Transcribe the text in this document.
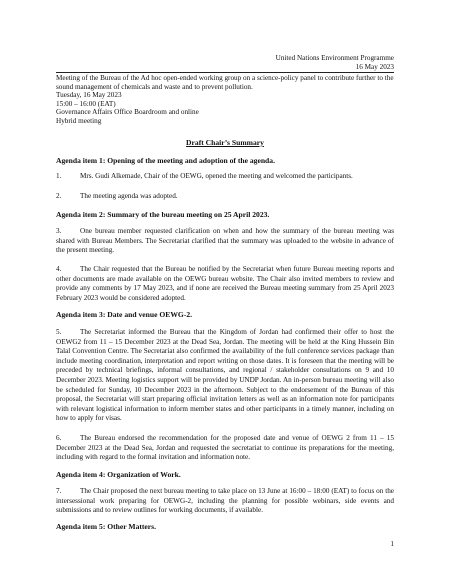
United Nations Environment Programme
16 May 2023
Meeting of the Bureau of the Ad hoc open-ended working group on a science-policy panel to contribute further to the sound management of chemicals and waste and to prevent pollution.
Tuesday, 16 May 2023
15:00 – 16:00 (EAT)
Governance Affairs Office Boardroom and online
Hybrid meeting
Draft Chair’s Summary
Agenda item 1: Opening of the meeting and adoption of the agenda.
1.	Mrs. Gudi Alkemade, Chair of the OEWG, opened the meeting and welcomed the participants.
2.	The meeting agenda was adopted.
Agenda item 2: Summary of the bureau meeting on 25 April 2023.
3.	One bureau member requested clarification on when and how the summary of the bureau meeting was shared with Bureau Members. The Secretariat clarified that the summary was uploaded to the website in advance of the present meeting.
4.	The Chair requested that the Bureau be notified by the Secretariat when future Bureau meeting reports and other documents are made available on the OEWG bureau website. The Chair also invited members to review and provide any comments by 17 May 2023, and if none are received the Bureau meeting summary from 25 April 2023 February 2023 would be considered adopted.
Agenda item 3: Date and venue OEWG-2.
5.	The Secretariat informed the Bureau that the Kingdom of Jordan had confirmed their offer to host the OEWG2 from 11 – 15 December 2023 at the Dead Sea, Jordan. The meeting will be held at the King Hussein Bin Talal Convention Centre. The Secretariat also confirmed the availability of the full conference services package than include meeting coordination, interpretation and report writing on those dates. It is foreseen that the meeting will be preceded by technical briefings, informal consultations, and regional / stakeholder consultations on 9 and 10 December 2023. Meeting logistics support will be provided by UNDP Jordan. An in-person bureau meeting will also be scheduled for Sunday, 10 December 2023 in the afternoon. Subject to the endorsement of the Bureau of this proposal, the Secretariat will start preparing official invitation letters as well as an information note for participants with relevant logistical information to inform member states and other participants in a timely manner, including on how to apply for visas.
6.	The Bureau endorsed the recommendation for the proposed date and venue of OEWG 2 from 11 – 15 December 2023 at the Dead Sea, Jordan and requested the secretariat to continue its preparations for the meeting, including with regard to the formal invitation and information note.
Agenda item 4: Organization of Work.
7.	The Chair proposed the next bureau meeting to take place on 13 June at 16:00 – 18:00 (EAT) to focus on the intersessional work preparing for OEWG-2, including the planning for possible webinars, side events and submissions and to review outlines for working documents, if available.
Agenda item 5: Other Matters.
1
